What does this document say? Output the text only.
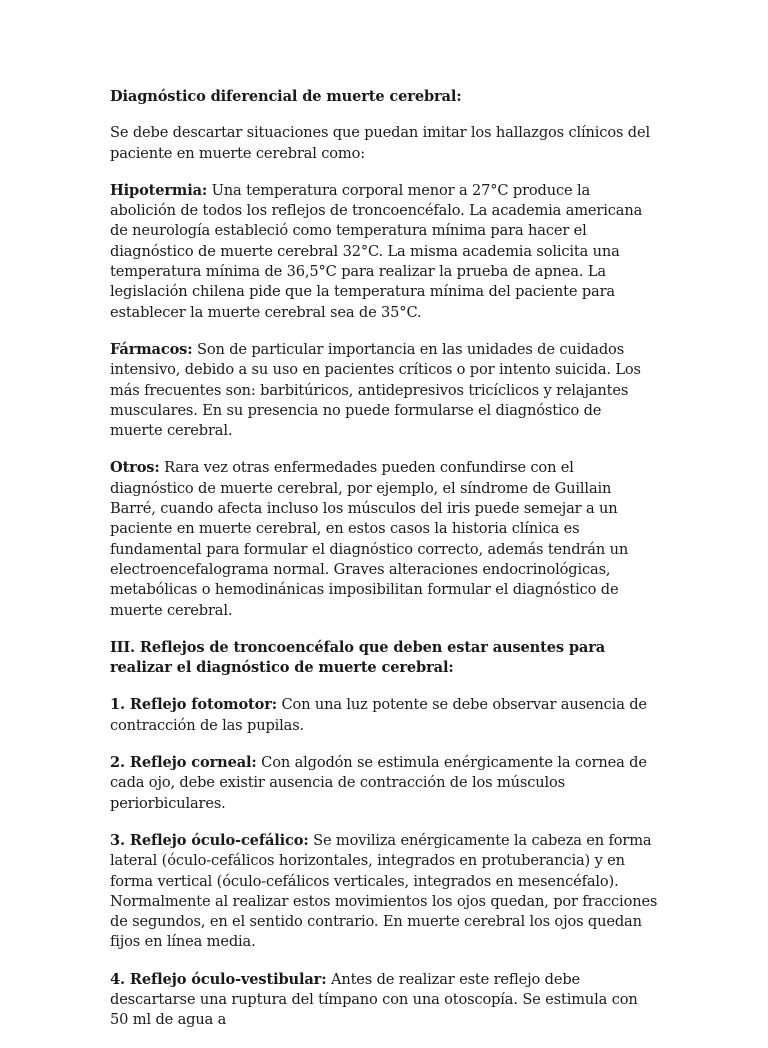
Diagnóstico diferencial de muerte cerebral:

Se debe descartar situaciones que puedan imitar los hallazgos clínicos del paciente en muerte cerebral como:

Hipotermia: Una temperatura corporal menor a 27°C produce la abolición de todos los reflejos de troncoencéfalo. La academia americana de neurología estableció como temperatura mínima para hacer el diagnóstico de muerte cerebral 32°C. La misma academia solicita una temperatura mínima de 36,5°C para realizar la prueba de apnea. La legislación chilena pide que la temperatura mínima del paciente para establecer la muerte cerebral sea de 35°C.

Fármacos: Son de particular importancia en las unidades de cuidados intensivo, debido a su uso en pacientes críticos o por intento suicida. Los más frecuentes son: barbitúricos, antidepresivos tricíclicos y relajantes musculares. En su presencia no puede formularse el diagnóstico de muerte cerebral.

Otros: Rara vez otras enfermedades pueden confundirse con el diagnóstico de muerte cerebral, por ejemplo, el síndrome de Guillain Barré, cuando afecta incluso los músculos del iris puede semejar a un paciente en muerte cerebral, en estos casos la historia clínica es fundamental para formular el diagnóstico correcto, además tendrán un electroencefalograma normal. Graves alteraciones endocrinológicas, metabólicas o hemodinánicas imposibilitan formular el diagnóstico de muerte cerebral.

III. Reflejos de troncoencéfalo que deben estar ausentes para realizar el diagnóstico de muerte cerebral:

1. Reflejo fotomotor: Con una luz potente se debe observar ausencia de contracción de las pupilas.

2. Reflejo corneal: Con algodón se estimula enérgicamente la cornea de cada ojo, debe existir ausencia de contracción de los músculos periorbiculares.

3. Reflejo óculo-cefálico: Se moviliza enérgicamente la cabeza en forma lateral (óculo-cefálicos horizontales, integrados en protuberancia) y en forma vertical (óculo-cefálicos verticales, integrados en mesencéfalo). Normalmente al realizar estos movimientos los ojos quedan, por fracciones de segundos, en el sentido contrario. En muerte cerebral los ojos quedan fijos en línea media.

4. Reflejo óculo-vestibular: Antes de realizar este reflejo debe descartarse una ruptura del tímpano con una otoscopía. Se estimula con 50 ml de agua a
